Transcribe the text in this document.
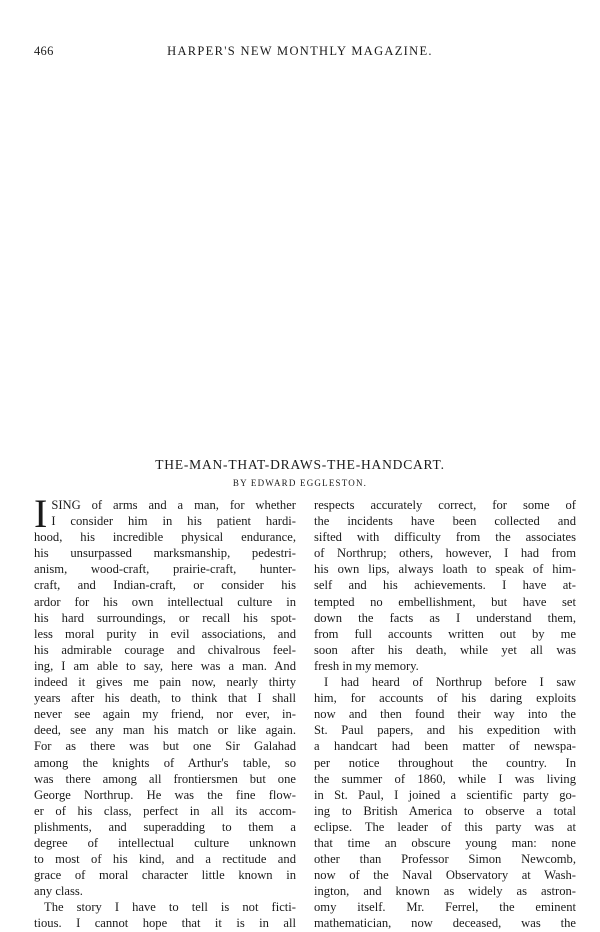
466	HARPER'S NEW MONTHLY MAGAZINE.
THE-MAN-THAT-DRAWS-THE-HANDCART.
BY EDWARD EGGLESTON.
I SING of arms and a man, for whether
I consider him in his patient hardi-
hood, his incredible physical endurance,
his unsurpassed marksmanship, pedestri-
anism, wood-craft, prairie-craft, hunter-
craft, and Indian-craft, or consider his
ardor for his own intellectual culture in
his hard surroundings, or recall his spot-
less moral purity in evil associations, and
his admirable courage and chivalrous feel-
ing, I am able to say, here was a man. And
indeed it gives me pain now, nearly thirty
years after his death, to think that I shall
never see again my friend, nor ever, in-
deed, see any man his match or like again.
For as there was but one Sir Galahad
among the knights of Arthur's table, so
was there among all frontiersmen but one
George Northrup. He was the fine flow-
er of his class, perfect in all its accom-
plishments, and superadding to them a
degree of intellectual culture unknown
to most of his kind, and a rectitude and
grace of moral character little known in
any class.
The story I have to tell is not ficti-
tious. I cannot hope that it is in all
respects accurately correct, for some of
the incidents have been collected and
sifted with difficulty from the associates
of Northrup; others, however, I had from
his own lips, always loath to speak of him-
self and his achievements. I have at-
tempted no embellishment, but have set
down the facts as I understand them,
from full accounts written out by me
soon after his death, while yet all was
fresh in my memory.
I had heard of Northrup before I saw
him, for accounts of his daring exploits
now and then found their way into the
St. Paul papers, and his expedition with
a handcart had been matter of newspa-
per notice throughout the country. In
the summer of 1860, while I was living
in St. Paul, I joined a scientific party go-
ing to British America to observe a total
eclipse. The leader of this party was at
that time an obscure young man: none
other than Professor Simon Newcomb,
now of the Naval Observatory at Wash-
ington, and known as widely as astron-
omy itself. Mr. Ferrel, the eminent
mathematician, now deceased, was the
